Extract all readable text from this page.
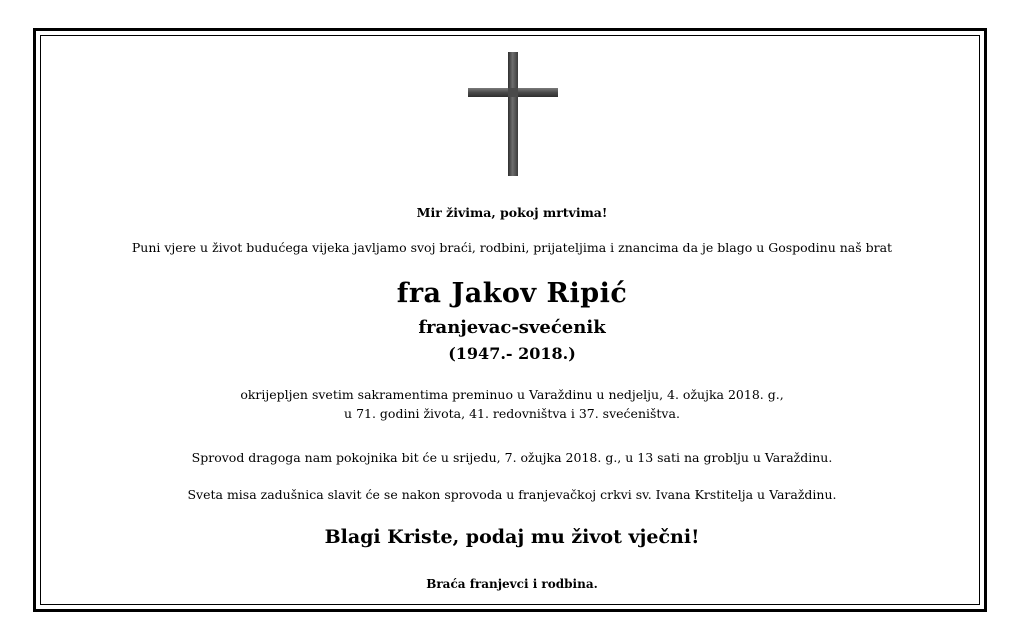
Mir živima, pokoj mrtvima!

Puni vjere u život budućega vijeka javljamo svoj braći, rodbini, prijateljima i znancima da je blago u Gospodinu naš brat

fra Jakov Ripić

franjevac-svećenik

(1947.- 2018.)

okrijepljen svetim sakramentima preminuo u Varaždinu u nedjelju, 4. ožujka 2018. g.,

u 71. godini života, 41. redovništva i 37. svećeništva.

Sprovod dragoga nam pokojnika bit će u srijedu, 7. ožujka 2018. g., u 13 sati na groblju u Varaždinu.

Sveta misa zadušnica slavit će se nakon sprovoda u franjevačkoj crkvi sv. Ivana Krstitelja u Varaždinu.

Blagi Kriste, podaj mu život vječni!

Braća franjevci i rodbina.
